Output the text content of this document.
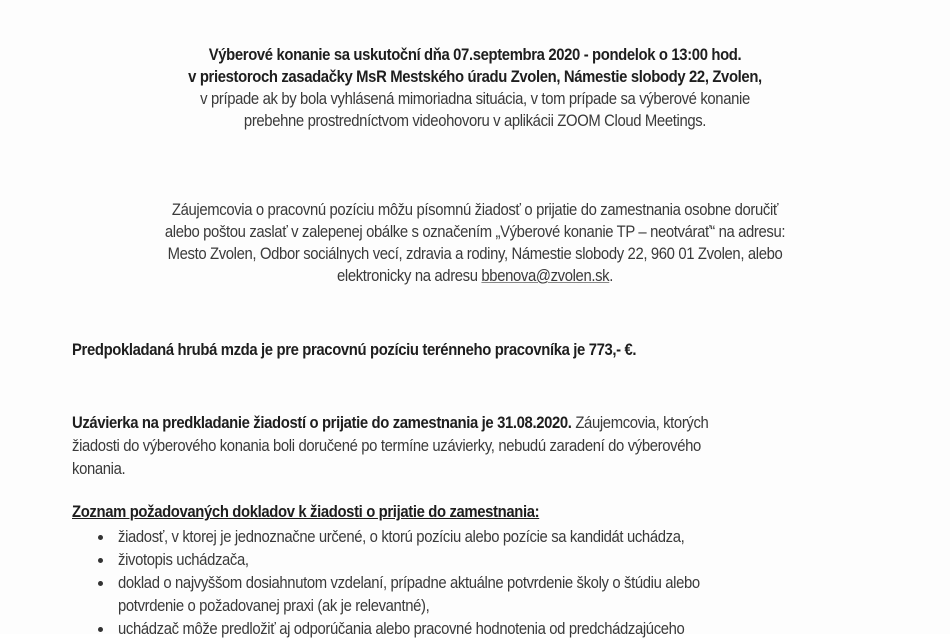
Výberové konanie sa uskutoční dňa 07.septembra 2020 - pondelok o 13:00 hod.
v priestoroch zasadačky MsR Mestského úradu Zvolen, Námestie slobody 22, Zvolen,
v prípade ak by bola vyhlásená mimoriadna situácia, v tom prípade sa výberové konanie
prebehne prostredníctvom videohovoru v aplikácii ZOOM Cloud Meetings.
Záujemcovia o pracovnú pozíciu môžu písomnú žiadosť o prijatie do zamestnania osobne doručiť
alebo poštou zaslať v zalepenej obálke s označením „Výberové konanie TP – neotvárať“ na adresu:
Mesto Zvolen, Odbor sociálnych vecí, zdravia a rodiny, Námestie slobody 22, 960 01 Zvolen, alebo
elektronicky na adresu bbenova@zvolen.sk.
Predpokladaná hrubá mzda je pre pracovnú pozíciu terénneho pracovníka je 773,- €.
Uzávierka na predkladanie žiadostí o prijatie do zamestnania je 31.08.2020. Záujemcovia, ktorých
žiadosti do výberového konania boli doručené po termíne uzávierky, nebudú zaradení do výberového
konania.
Zoznam požadovaných dokladov k žiadosti o prijatie do zamestnania:
žiadosť, v ktorej je jednoznačne určené, o ktorú pozíciu alebo pozície sa kandidát uchádza,
životopis uchádzača,
doklad o najvyššom dosiahnutom vzdelaní, prípadne aktuálne potvrdenie školy o štúdiu alebo
potvrdenie o požadovanej praxi (ak je relevantné),
uchádzač môže predložiť aj odporúčania alebo pracovné hodnotenia od predchádzajúceho
